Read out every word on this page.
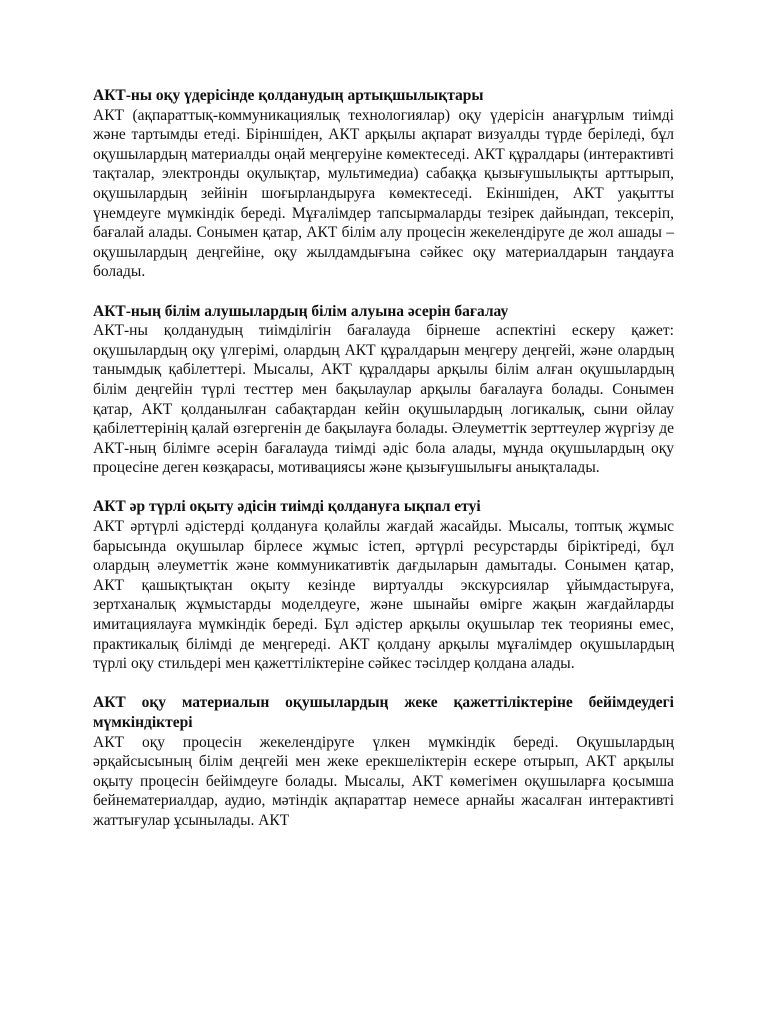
АКТ-ны оқу үдерісінде қолданудың артықшылықтары

АКТ (ақпараттық-коммуникациялық технологиялар) оқу үдерісін анағұрлым тиімді және тартымды етеді. Біріншіден, АКТ арқылы ақпарат визуалды түрде беріледі, бұл оқушылардың материалды оңай меңгеруіне көмектеседі. АКТ құралдары (интерактивті тақталар, электронды оқулықтар, мультимедиа) сабаққа қызығушылықты арттырып, оқушылардың зейінін шоғырландыруға көмектеседі. Екіншіден, АКТ уақытты үнемдеуге мүмкіндік береді. Мұғалімдер тапсырмаларды тезірек дайындап, тексеріп, бағалай алады. Сонымен қатар, АКТ білім алу процесін жекелендіруге де жол ашады – оқушылардың деңгейіне, оқу жылдамдығына сәйкес оқу материалдарын таңдауға болады.

АКТ-ның білім алушылардың білім алуына әсерін бағалау

АКТ-ны қолданудың тиімділігін бағалауда бірнеше аспектіні ескеру қажет: оқушылардың оқу үлгерімі, олардың АКТ құралдарын меңгеру деңгейі, және олардың танымдық қабілеттері. Мысалы, АКТ құралдары арқылы білім алған оқушылардың білім деңгейін түрлі тесттер мен бақылаулар арқылы бағалауға болады. Сонымен қатар, АКТ қолданылған сабақтардан кейін оқушылардың логикалық, сыни ойлау қабілеттерінің қалай өзгергенін де бақылауға болады. Әлеуметтік зерттеулер жүргізу де АКТ-ның білімге әсерін бағалауда тиімді әдіс бола алады, мұнда оқушылардың оқу процесіне деген көзқарасы, мотивациясы және қызығушылығы анықталады.

АКТ әр түрлі оқыту әдісін тиімді қолдануға ықпал етуі

АКТ әртүрлі әдістерді қолдануға қолайлы жағдай жасайды. Мысалы, топтық жұмыс барысында оқушылар бірлесе жұмыс істеп, әртүрлі ресурстарды біріктіреді, бұл олардың әлеуметтік және коммуникативтік дағдыларын дамытады. Сонымен қатар, АКТ қашықтықтан оқыту кезінде виртуалды экскурсиялар ұйымдастыруға, зертханалық жұмыстарды моделдеуге, және шынайы өмірге жақын жағдайларды имитациялауға мүмкіндік береді. Бұл әдістер арқылы оқушылар тек теорияны емес, практикалық білімді де меңгереді. АКТ қолдану арқылы мұғалімдер оқушылардың түрлі оқу стильдері мен қажеттіліктеріне сәйкес тәсілдер қолдана алады.

АКТ оқу материалын оқушылардың жеке қажеттіліктеріне бейімдеудегі мүмкіндіктері

АКТ оқу процесін жекелендіруге үлкен мүмкіндік береді. Оқушылардың әрқайсысының білім деңгейі мен жеке ерекшеліктерін ескере отырып, АКТ арқылы оқыту процесін бейімдеуге болады. Мысалы, АКТ көмегімен оқушыларға қосымша бейнематериалдар, аудио, мәтіндік ақпараттар немесе арнайы жасалған интерактивті жаттығулар ұсынылады. АКТ
